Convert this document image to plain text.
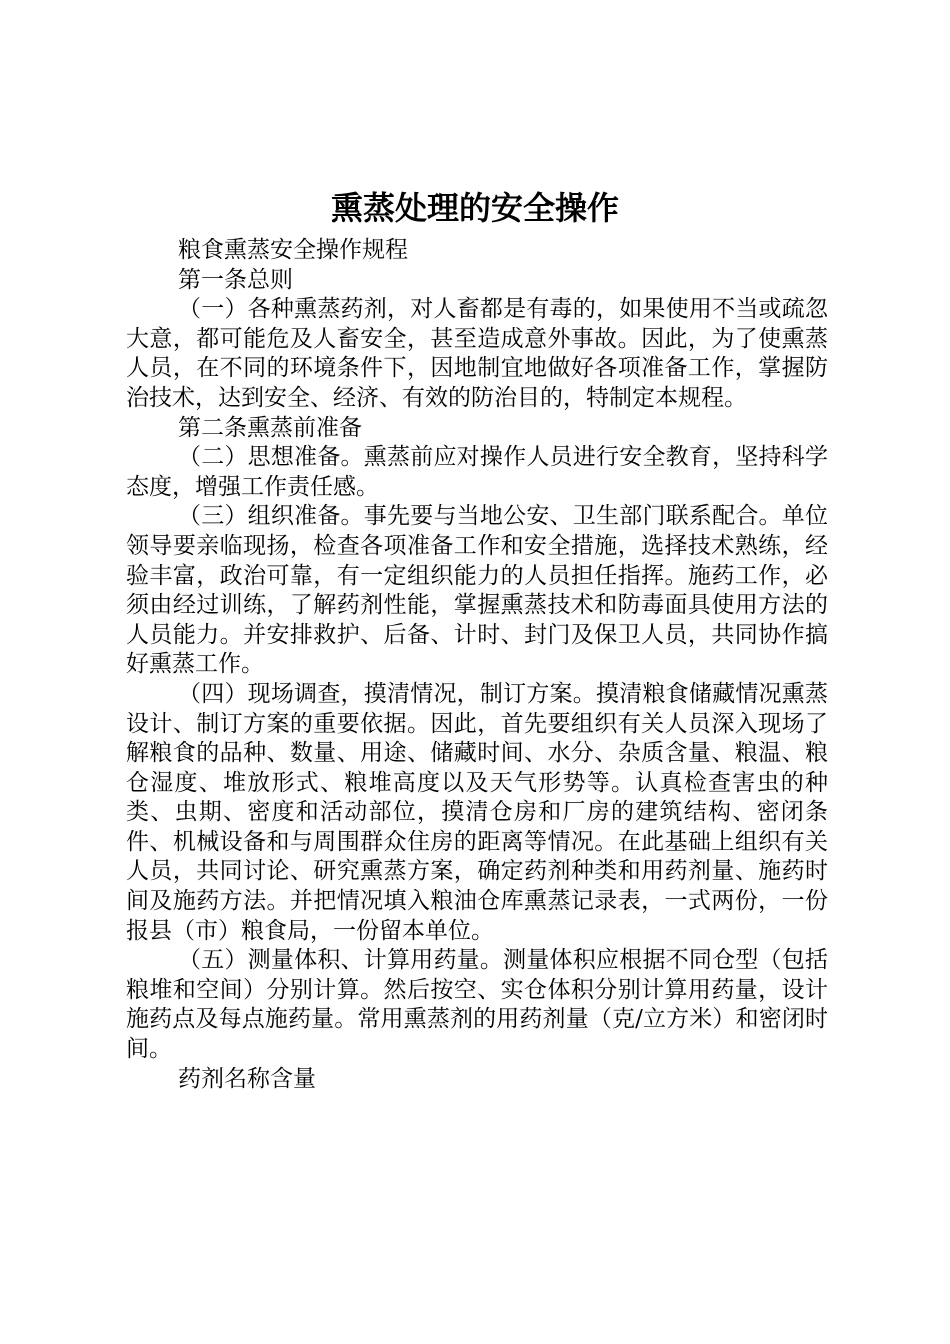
熏蒸处理的安全操作

粮食熏蒸安全操作规程

第一条总则

（一）各种熏蒸药剂，对人畜都是有毒的，如果使用不当或疏忽大意，都可能危及人畜安全，甚至造成意外事故。因此，为了使熏蒸人员，在不同的环境条件下，因地制宜地做好各项准备工作，掌握防治技术，达到安全、经济、有效的防治目的，特制定本规程。

第二条熏蒸前准备

（二）思想准备。熏蒸前应对操作人员进行安全教育，坚持科学态度，增强工作责任感。

（三）组织准备。事先要与当地公安、卫生部门联系配合。单位领导要亲临现扬，检查各项准备工作和安全措施，选择技术熟练，经验丰富，政治可靠，有一定组织能力的人员担任指挥。施药工作，必须由经过训练，了解药剂性能，掌握熏蒸技术和防毒面具使用方法的人员能力。并安排救护、后备、计时、封门及保卫人员，共同协作搞好熏蒸工作。

（四）现场调查，摸清情况，制订方案。摸清粮食储藏情况熏蒸设计、制订方案的重要依据。因此，首先要组织有关人员深入现场了解粮食的品种、数量、用途、储藏时间、水分、杂质含量、粮温、粮仓湿度、堆放形式、粮堆高度以及天气形势等。认真检查害虫的种类、虫期、密度和活动部位，摸清仓房和厂房的建筑结构、密闭条件、机械设备和与周围群众住房的距离等情况。在此基础上组织有关人员，共同讨论、研究熏蒸方案，确定药剂种类和用药剂量、施药时间及施药方法。并把情况填入粮油仓库熏蒸记录表，一式两份，一份报县（市）粮食局，一份留本单位。

（五）测量体积、计算用药量。测量体积应根据不同仓型（包括粮堆和空间）分别计算。然后按空、实仓体积分别计算用药量，设计施药点及每点施药量。常用熏蒸剂的用药剂量（克/立方米）和密闭时间。

药剂名称含量
